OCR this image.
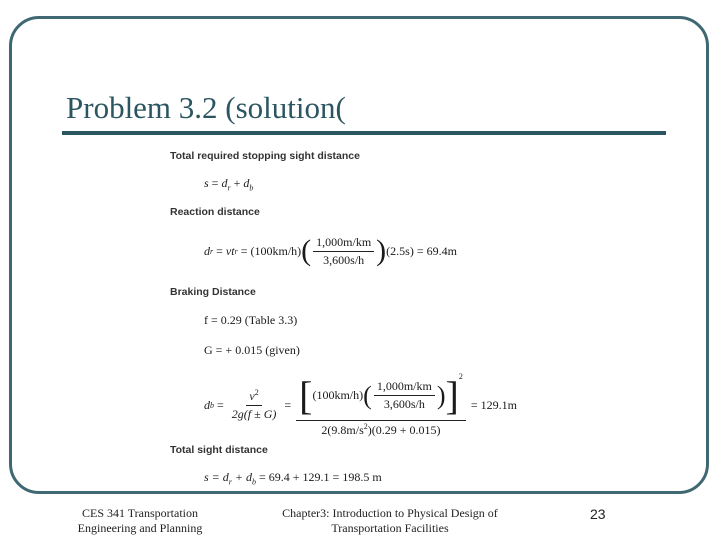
Problem 3.2 (solution(
Total required stopping sight distance
$s = d_r + d_b$
Reaction distance
d r = vt r = (100km/h) ( $\frac{1,000m/km}{3,600s/h}$ ) (2.5s) = 69.4m
Braking Distance
f = 0.29 (Table 3.3)
G = + 0.015 (given)
d $b = \frac{v^2}{2g(f \pm G)}$ = [ (100km/h) ( $\frac{1,000m/km}{3,600s/h}$ ) ]$^2$
$2(9.8m/s^2)(0.29 + 0.015)$
= 129.1m
Total sight distance
$s = d_r + d_b = 69.4 + 129.1 = 198.5$ m
CES 341 Transportation Engineering and Planning
Chapter3: Introduction to Physical Design of Transportation Facilities
23
